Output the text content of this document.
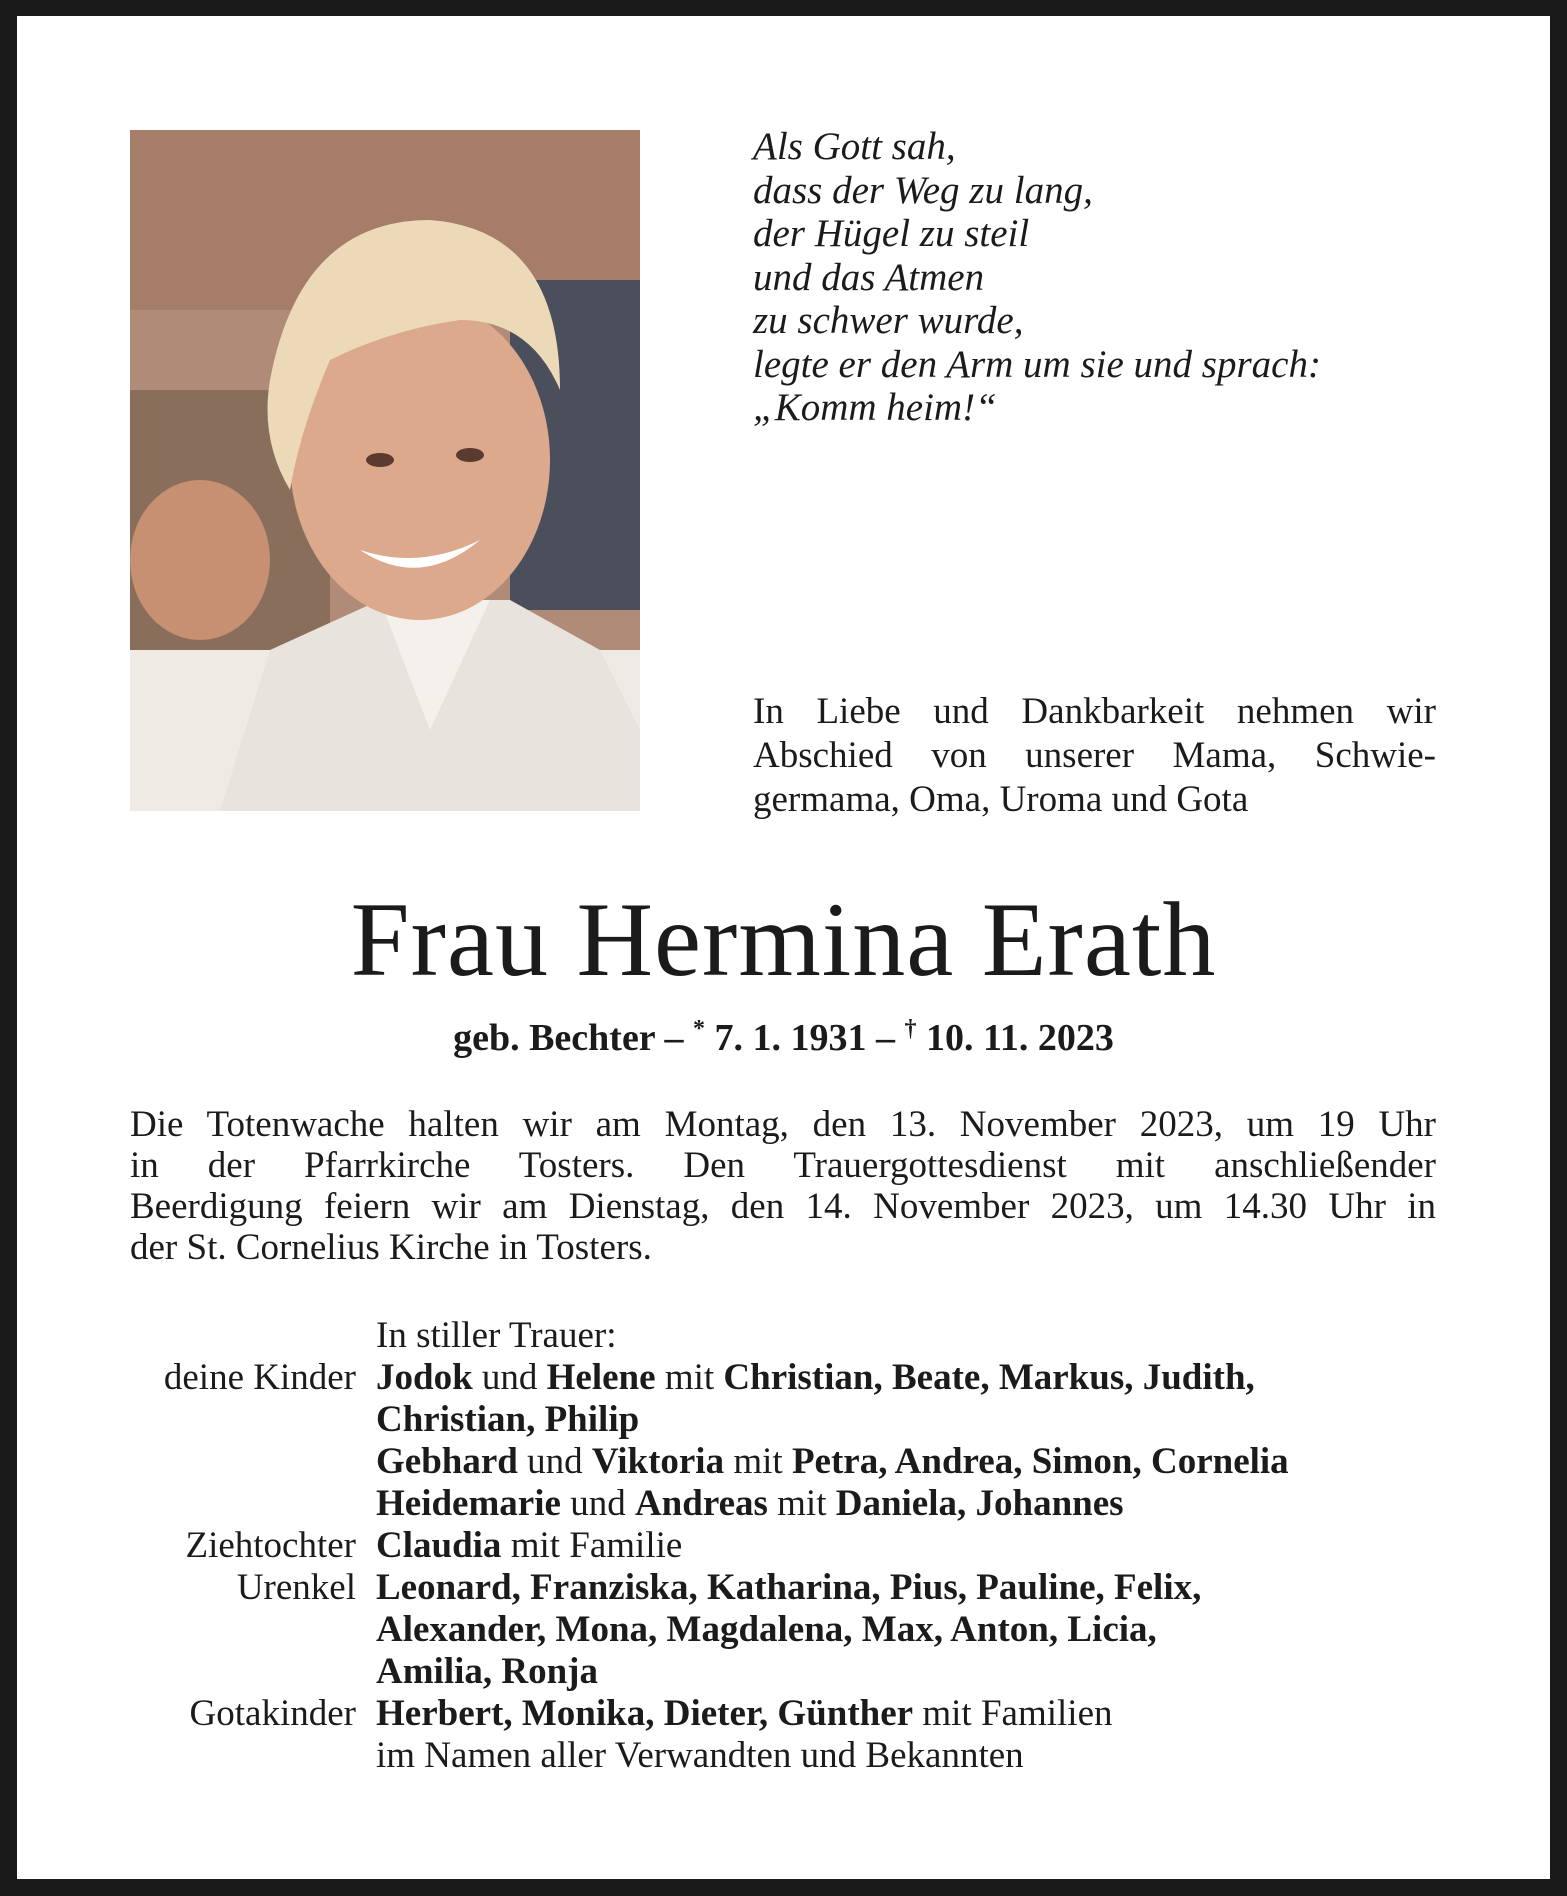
Als Gott sah,
dass der Weg zu lang,
der Hügel zu steil
und das Atmen
zu schwer wurde,
legte er den Arm um sie und sprach:
„Komm heim!“
In Liebe und Dankbarkeit nehmen wir
Abschied von unserer Mama, Schwie-
germama, Oma, Uroma und Gota
Frau Hermina Erath
geb. Bechter – * 7. 1. 1931 – † 10. 11. 2023
Die Totenwache halten wir am Montag, den 13. November 2023, um 19 Uhr
in der Pfarrkirche Tosters. Den Trauergottesdienst mit anschließender
Beerdigung feiern wir am Dienstag, den 14. November 2023, um 14.30 Uhr in
der St. Cornelius Kirche in Tosters.
In stiller Trauer:
deine Kinder Jodok und Helene mit Christian, Beate, Markus, Judith,
Christian, Philip
Gebhard und Viktoria mit Petra, Andrea, Simon, Cornelia
Heidemarie und Andreas mit Daniela, Johannes
Ziehtochter Claudia mit Familie
Urenkel Leonard, Franziska, Katharina, Pius, Pauline, Felix,
Alexander, Mona, Magdalena, Max, Anton, Licia,
Amilia, Ronja
Gotakinder Herbert, Monika, Dieter, Günther mit Familien
im Namen aller Verwandten und Bekannten
